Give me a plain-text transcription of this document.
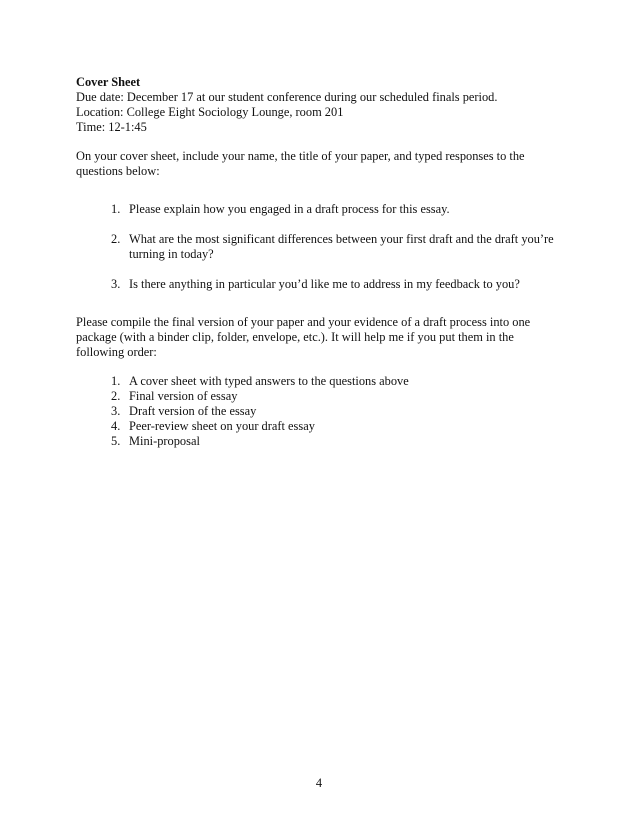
Cover Sheet

Due date: December 17 at our student conference during our scheduled finals period.

Location: College Eight Sociology Lounge, room 201

Time: 12-1:45

On your cover sheet, include your name, the title of your paper, and typed responses to the

questions below:

1. Please explain how you engaged in a draft process for this essay.

2. What are the most significant differences between your first draft and the draft you’re

turning in today?

3. Is there anything in particular you’d like me to address in my feedback to you?

Please compile the final version of your paper and your evidence of a draft process into one

package (with a binder clip, folder, envelope, etc.). It will help me if you put them in the

following order:

1. A cover sheet with typed answers to the questions above
2. Final version of essay
3. Draft version of the essay
4. Peer-review sheet on your draft essay
5. Mini-proposal
4
